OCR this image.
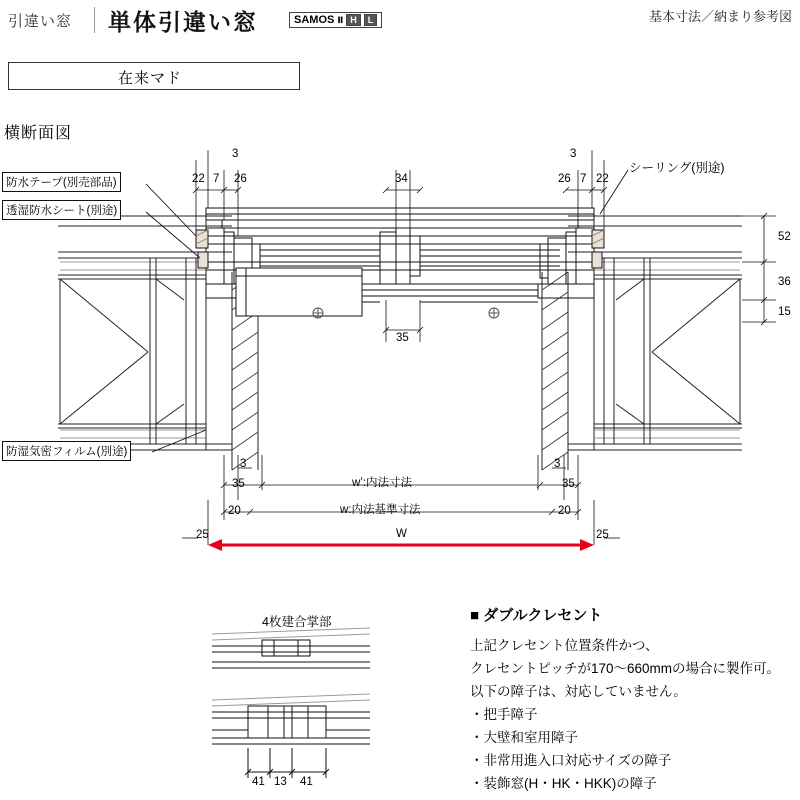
引違い窓 単体引違い窓	SAMOS Ⅱ H	L	基本寸法／納まり参考図
在来マド
横断面図
防水テープ(別売部品)
透湿防水シート(別途)
防湿気密フィルム(別途)
シーリング(別途)
3
22 7 26	34	26 7 22
3
52
36
15
35
3
35
20
3
35
20
w’:内法寸法
w:内法基準寸法
W
25	25
4枚建合掌部
41 13 41
■ ダブルクレセント
上記クレセント位置条件かつ、
クレセントピッチが170〜660mmの場合に製作可。
以下の障子は、対応していません。
・把手障子
・大壁和室用障子
・非常用進入口対応サイズの障子
・装飾窓(H・HK・HKK)の障子
